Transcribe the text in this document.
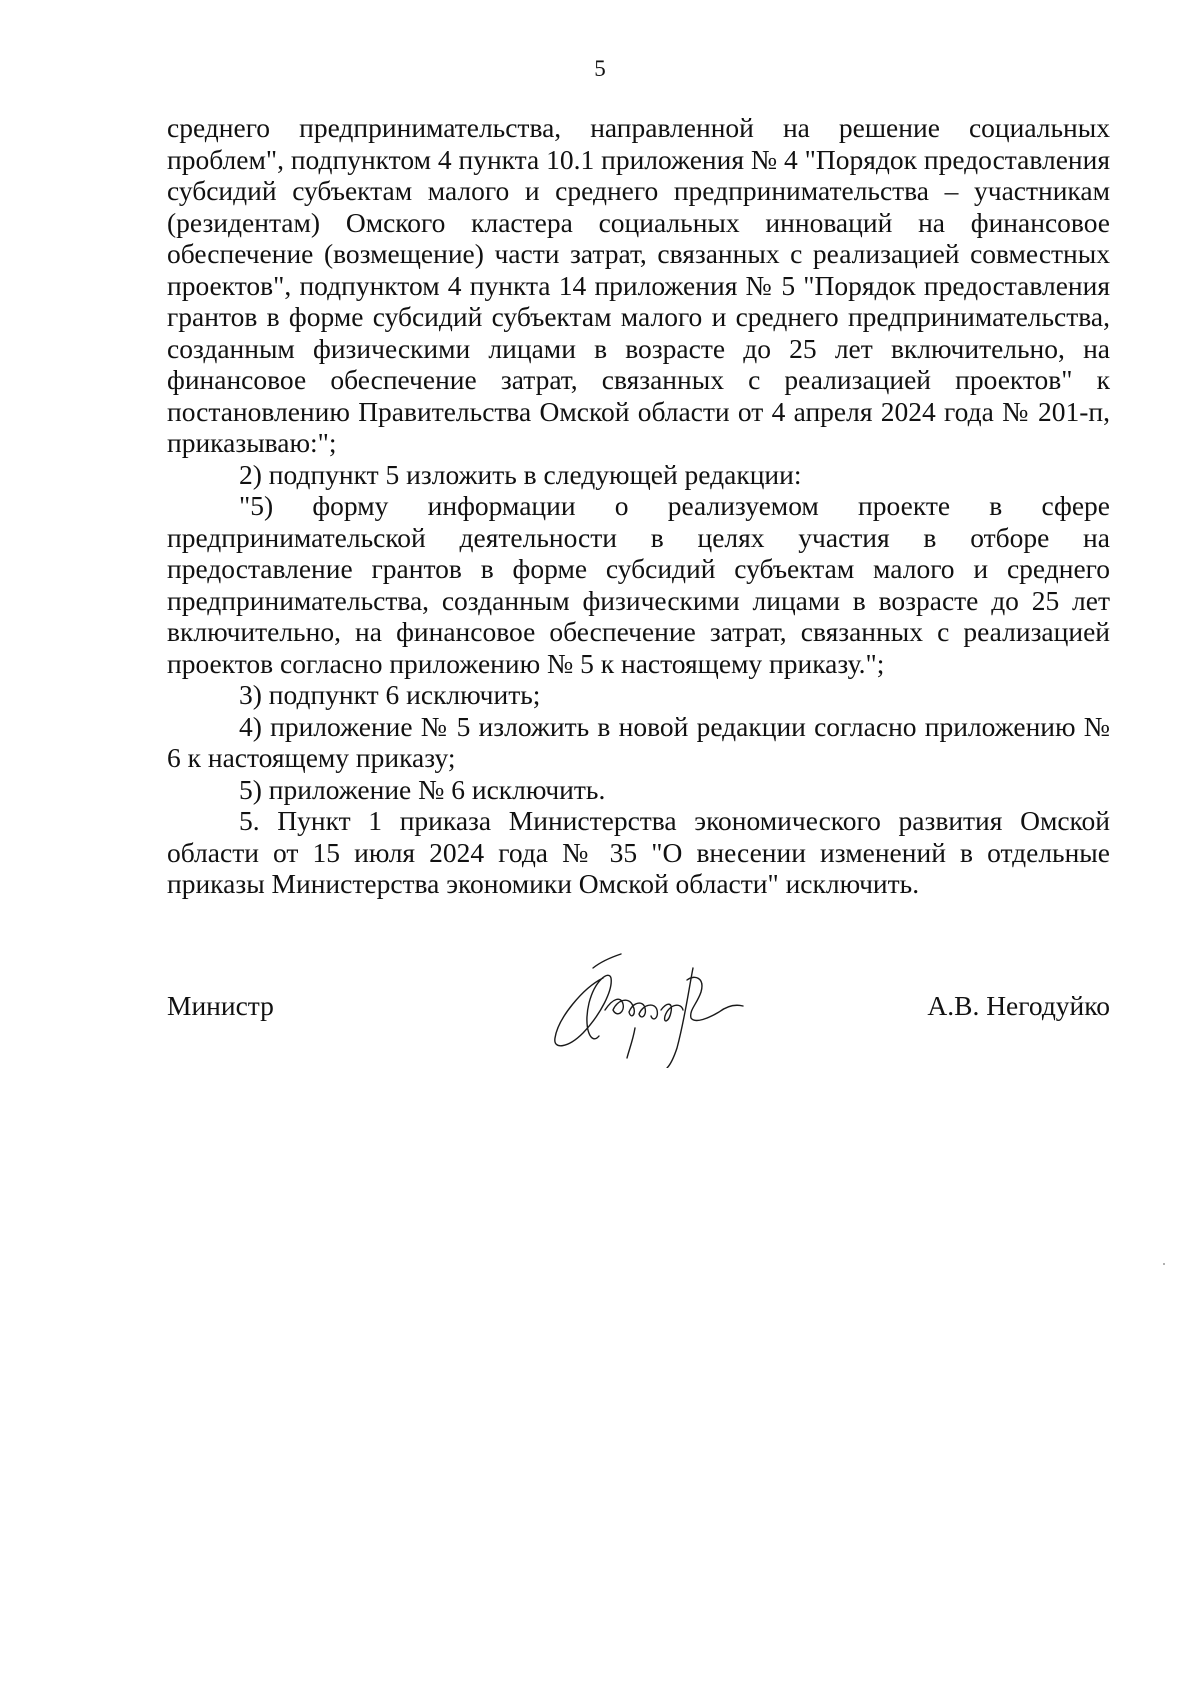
5

среднего предпринимательства, направленной на решение социальных проблем", подпунктом 4 пункта 10.1 приложения № 4 "Порядок предоставления субсидий субъектам малого и среднего предпринимательства – участникам (резидентам) Омского кластера социальных инноваций на финансовое обеспечение (возмещение) части затрат, связанных с реализацией совместных проектов", подпунктом 4 пункта 14 приложения № 5 "Порядок предоставления грантов в форме субсидий субъектам малого и среднего предпринимательства, созданным физическими лицами в возрасте до 25 лет включительно, на финансовое обеспечение затрат, связанных с реализацией проектов" к постановлению Правительства Омской области от 4 апреля 2024 года № 201-п, приказываю:";

2) подпункт 5 изложить в следующей редакции:

"5) форму информации о реализуемом проекте в сфере предпринимательской деятельности в целях участия в отборе на предоставление грантов в форме субсидий субъектам малого и среднего предпринимательства, созданным физическими лицами в возрасте до 25 лет включительно, на финансовое обеспечение затрат, связанных с реализацией проектов согласно приложению № 5 к настоящему приказу.";

3) подпункт 6 исключить;

4) приложение № 5 изложить в новой редакции согласно приложению № 6 к настоящему приказу;

5) приложение № 6 исключить.

5. Пункт 1 приказа Министерства экономического развития Омской области от 15 июля 2024 года № 35 "О внесении изменений в отдельные приказы Министерства экономики Омской области" исключить.

Министр	А.В. Негодуйко
